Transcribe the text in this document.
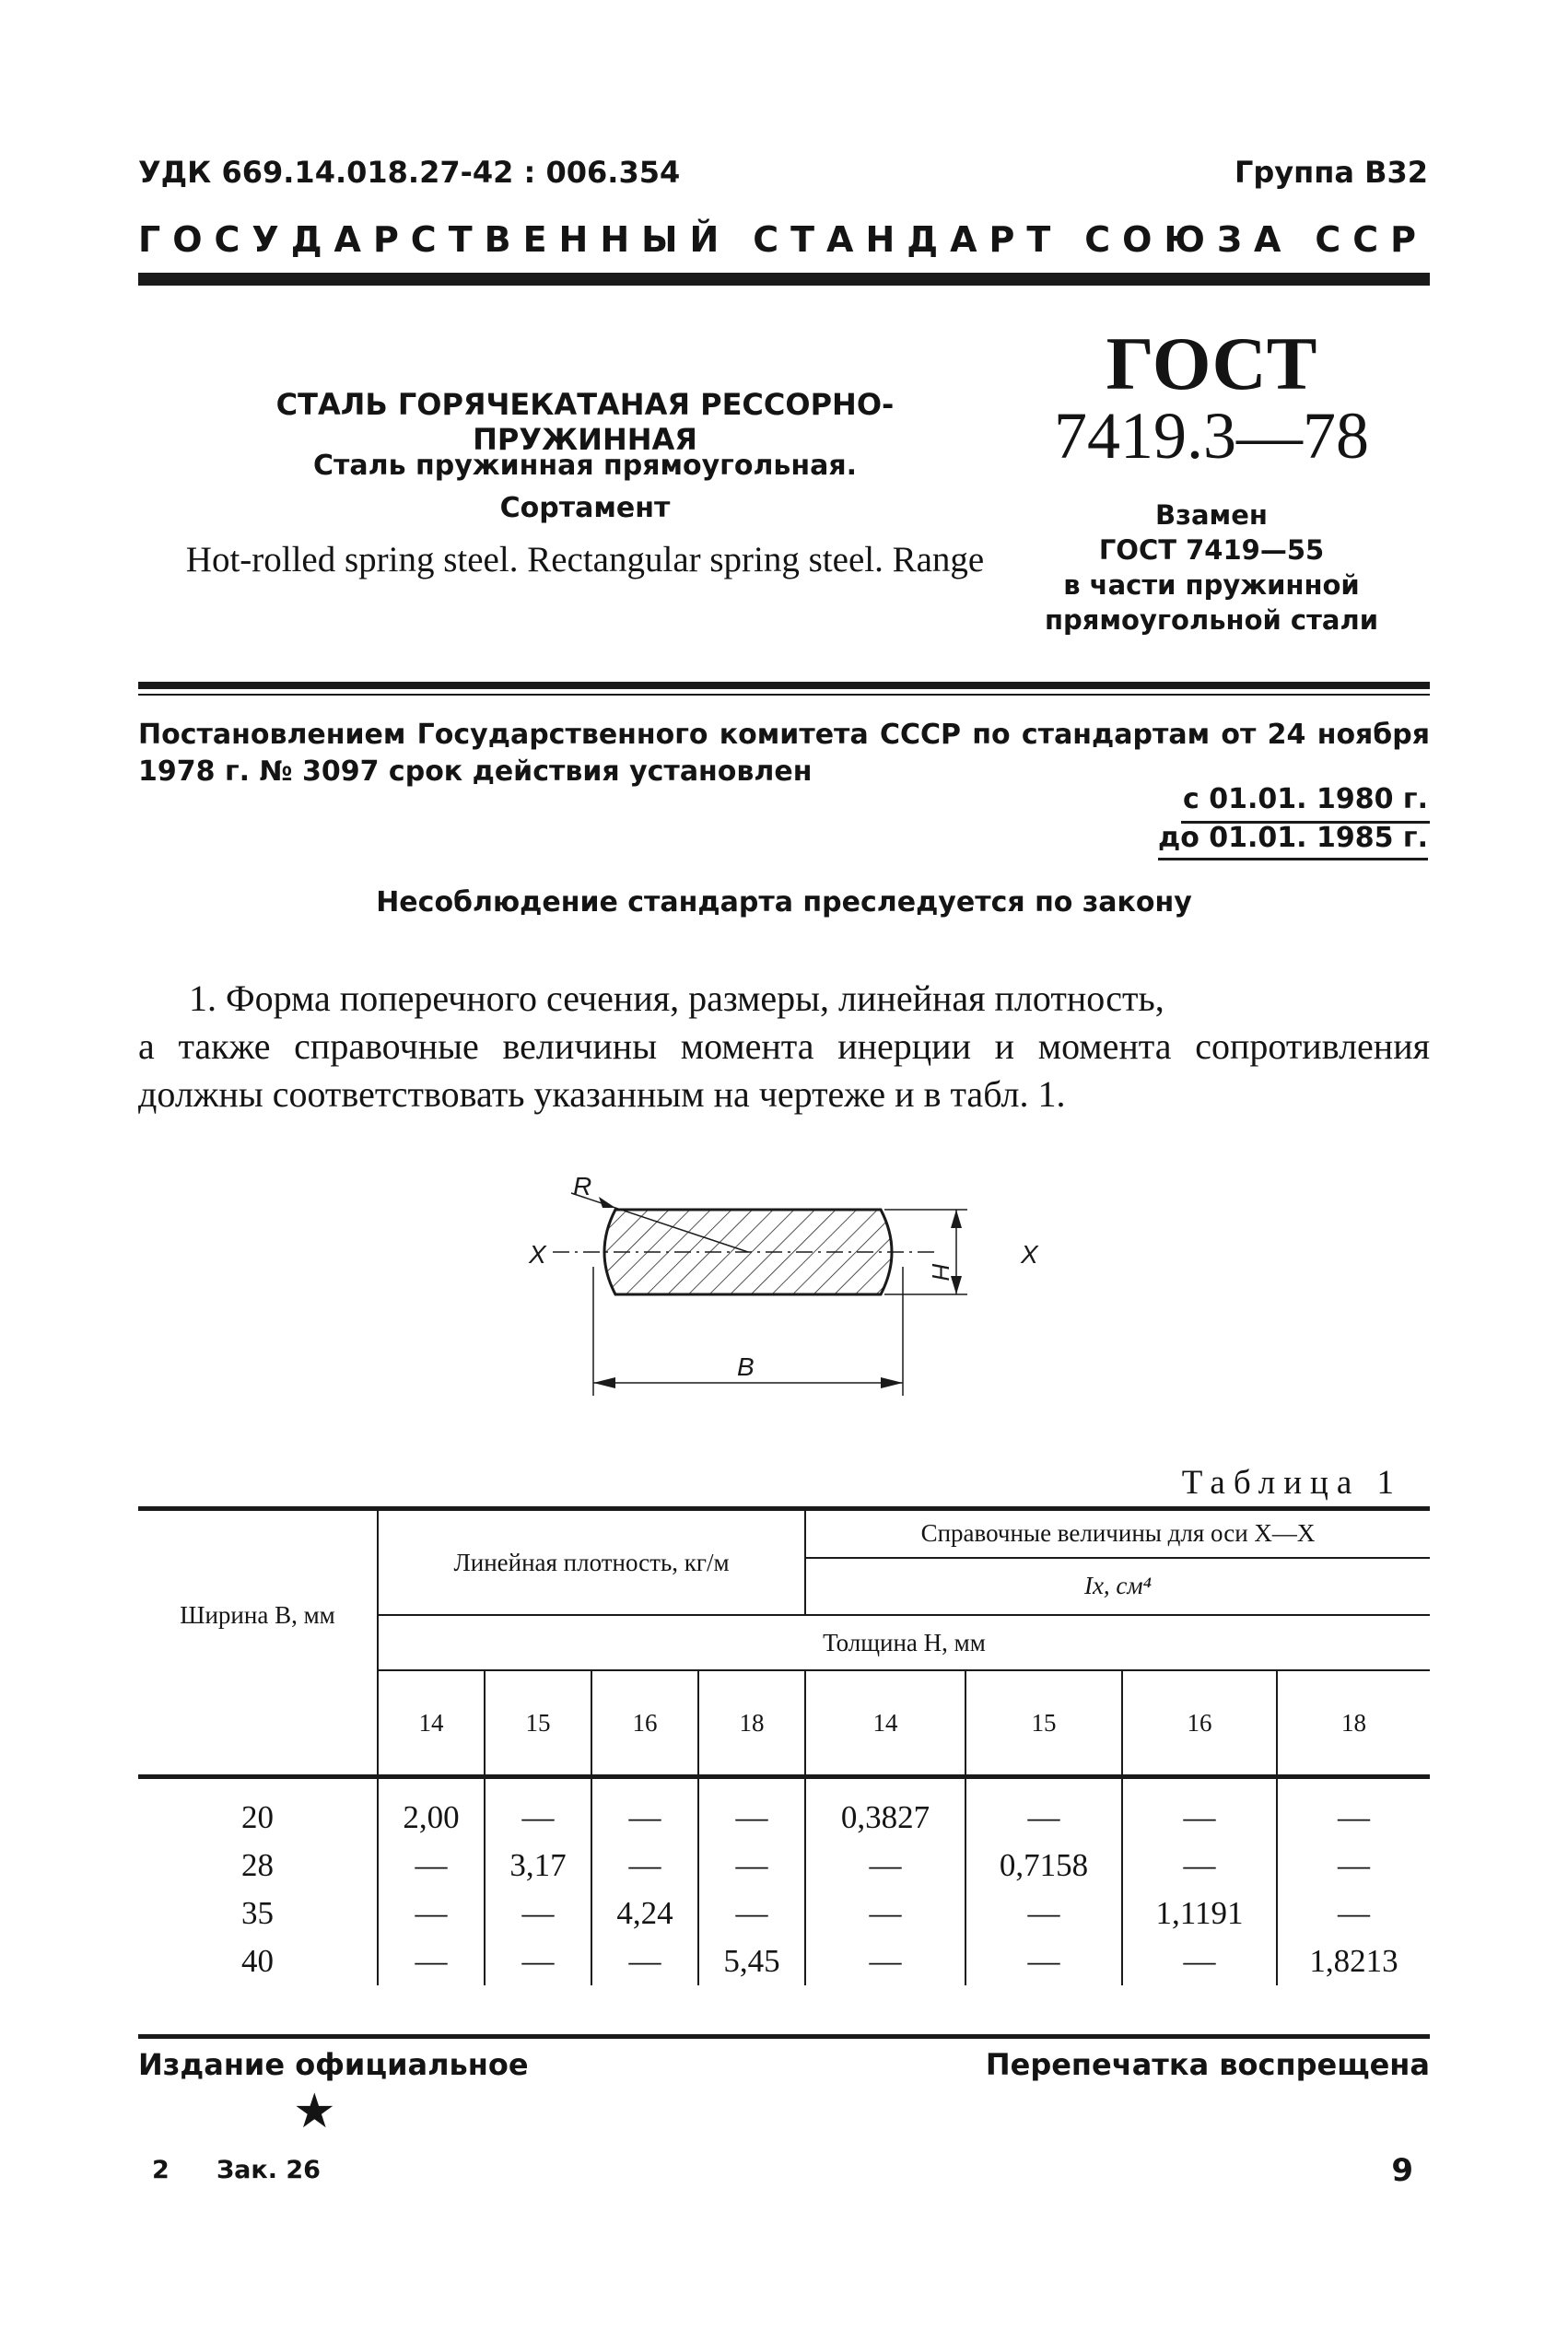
УДК 669.14.018.27-42 : 006.354	Группа В32
ГОСУДАРСТВЕННЫЙ СТАНДАРТ СОЮЗА ССР
СТАЛЬ ГОРЯЧЕКАТАНАЯ РЕССОРНО-ПРУЖИННАЯ
Сталь пружинная прямоугольная.
Сортамент
Hot-rolled spring steel. Rectangular spring steel. Range
ГОСТ
7419.3—78
Взамен
ГОСТ 7419—55
в части пружинной
прямоугольной стали
Постановлением Государственного комитета СССР по стандартам от 24 ноября 1978 г. № 3097 срок действия установлен
с 01.01. 1980 г.
до 01.01. 1985 г.
Несоблюдение стандарта преследуется по закону
1. Форма поперечного сечения, размеры, линейная плотность,
а также справочные величины момента инерции и момента сопротивления должны соответствовать указанным на чертеже и в табл. 1.
R
X	X
H
B
Таблица 1
Ширина В, мм	Линейная плотность, кг/м				Справочные величины для оси X—X			
					Ix, см⁴			
	Толщина Н, мм							
	14	15	16	18	14	15	16	18
20	2,00	—	—	—	0,3827	—	—	—
28	—	3,17	—	—	—	0,7158	—	—
35	—	—	4,24	—	—	—	1,1191	—
40	—	—	—	5,45	—	—	—	1,8213
Издание официальное	Перепечатка воспрещена
★
2 Зак. 26	9
